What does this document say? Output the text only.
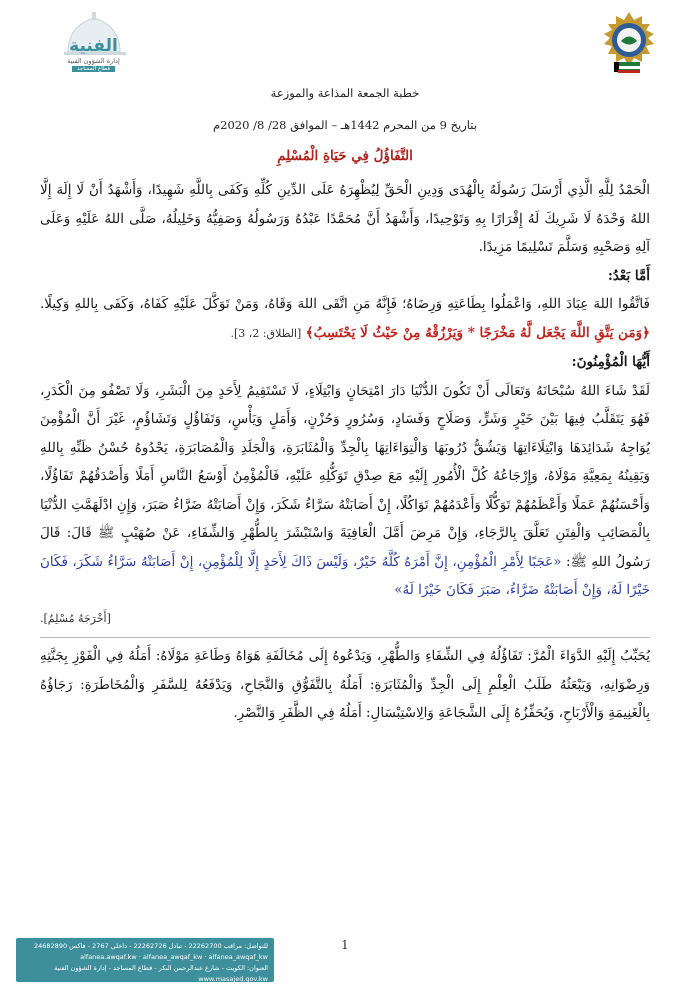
الفنية
إدارة الشؤون الفنية
قطاع المساجد
خطبة الجمعة المذاعة والموزعة
بتاريخ 9 من المحرم 1442هـ – الموافق 28/ 8/ 2020م
التَّفَاؤُلُ فِي حَيَاةِ الْمُسْلِمِ

الْحَمْدُ لِلَّهِ الَّذِي أَرْسَلَ رَسُولَهُ بِالْهُدَى وَدِينِ الْحَقِّ لِيُظْهِرَهُ عَلَى الدِّينِ كُلِّهِ وَكَفَى بِاللَّهِ شَهِيدًا، وَأَشْهَدُ أَنْ لَا إِلَهَ إِلَّا اللهُ وَحْدَهُ لَا شَرِيكَ لَهُ إِقْرَارًا بِهِ وَتَوْحِيدًا، وَأَشْهَدُ أَنَّ مُحَمَّدًا عَبْدُهُ وَرَسُولُهُ وَصَفِيُّهُ وَخَلِيلُهُ، صَلَّى اللهُ عَلَيْهِ وَعَلَى آلِهِ وَصَحْبِهِ وَسَلَّمَ تَسْلِيمًا مَزِيدًا.

أَمَّا بَعْدُ:

فَاتَّقُوا اللهَ عِبَادَ اللهِ، وَاعْمَلُوا بِطَاعَتِهِ وَرِضَاهُ؛ فَإِنَّهُ مَنِ اتَّقَى اللهَ وَقَاهُ، وَمَنْ تَوَكَّلَ عَلَيْهِ كَفَاهُ، وَكَفَى بِاللهِ وَكِيلًا. ﴿وَمَن يَتَّقِ اللَّهَ يَجْعَل لَّهُ مَخْرَجًا * وَيَرْزُقْهُ مِنْ حَيْثُ لَا يَحْتَسِبُ﴾ [الطلاق: 2، 3].

أَيُّهَا الْمُؤْمِنُونَ:

لَقَدْ شَاءَ اللهُ سُبْحَانَهُ وَتَعَالَى أَنْ تَكُونَ الدُّنْيَا دَارَ امْتِحَانٍ وَابْتِلَاءٍ، لَا تَسْتَقِيمُ لِأَحَدٍ مِنَ الْبَشَرِ، وَلَا تَصْفُو مِنَ الْكَدَرِ، فَهُوَ يَتَقَلَّبُ فِيهَا بَيْنَ خَيْرٍ وَشَرٍّ، وَصَلَاحٍ وَفَسَادٍ، وَسُرُورٍ وَحُزْنٍ، وَأَمَلٍ وَيَأْسٍ، وَتَفَاؤُلٍ وَتَشَاؤُمٍ، غَيْرَ أَنَّ الْمُؤْمِنَ يُوَاجِهُ شَدَائِدَهَا وَابْتِلَاءَاتِهَا وَيَشُقُّ دُرُوبَهَا وَالْتِوَاءَاتِهَا بِالْجِدِّ وَالْمُثَابَرَةِ، وَالْجَلَدِ وَالْمُصَابَرَةِ، يَحْدُوهُ حُسْنُ ظَنِّهِ بِاللهِ وَيَقِينُهُ بِمَعِيَّةِ مَوْلَاهُ، وَإِرْجَاعُهُ كُلَّ الْأُمُورِ إِلَيْهِ مَعَ صِدْقِ تَوَكُّلِهِ عَلَيْهِ، فَالْمُؤْمِنُ أَوْسَعُ النَّاسِ أَمَلًا وَأَصْدَقُهُمْ تَفَاؤُلًا، وَأَحْسَنُهُمْ عَمَلًا وَأَعْظَمُهُمْ تَوَكُّلًا وَأَعْدَمُهُمْ تَوَاكُلًا، إِنْ أَصَابَتْهُ سَرَّاءُ شَكَرَ، وَإِنْ أَصَابَتْهُ ضَرَّاءُ صَبَرَ، وَإِنِ ادْلَهَمَّتِ الدُّنْيَا بِالْمَصَائِبِ وَالْفِتَنِ تَعَلَّقَ بِالرَّجَاءِ، وَإِنْ مَرِضَ أَمَّلَ الْعَافِيَةَ وَاسْتَبْشَرَ بِالطُّهْرِ وَالشِّفَاءِ، عَنْ صُهَيْبٍ ﷺ قَالَ: قَالَ رَسُولُ اللهِ ﷺ: «عَجَبًا لِأَمْرِ الْمُؤْمِنِ، إِنَّ أَمْرَهُ كُلَّهُ خَيْرٌ، وَلَيْسَ ذَاكَ لِأَحَدٍ إِلَّا لِلْمُؤْمِنِ، إِنْ أَصَابَتْهُ سَرَّاءُ شَكَرَ، فَكَانَ خَيْرًا لَهُ، وَإِنْ أَصَابَتْهُ ضَرَّاءُ، صَبَرَ فَكَانَ خَيْرًا لَهُ»

[أَخْرَجَهُ مُسْلِمٌ].

يُحَبِّبُ إِلَيْهِ الدَّوَاءَ الْمُرَّ: تَفَاؤُلُهُ فِي الشِّفَاءِ وَالطُّهْرِ، وَيَدْعُوهُ إِلَى مُخَالَفَةِ هَوَاهُ وَطَاعَةِ مَوْلَاهُ: أَمَلُهُ فِي الْفَوْزِ بِجَنَّتِهِ وَرِضْوَانِهِ، وَيَبْعَثُهُ طَلَبُ الْعِلْمِ إِلَى الْجِدِّ وَالْمُثَابَرَةِ: أَمَلُهُ بِالتَّفَوُّقِ وَالنَّجَاحِ، وَيَدْفَعُهُ لِلسَّفَرِ وَالْمُخَاطَرَةِ: رَجَاؤُهُ بِالْغَنِيمَةِ وَالْأَرْبَاحِ، وَيُحَفِّزُهُ إِلَى الشَّجَاعَةِ وَالِاسْتِبْسَالِ: أَمَلُهُ فِي الظَّفَرِ وَالنَّصْرِ.

1
للتواصل: مراقب 22262700 - تبادل 22262726 - داخلي 2767 - فاكس 24682890
alfanea.awqaf.kw · alfanea_awqaf_kw · alfanea_awqaf_kw
العنوان: الكويت - شارع عبدالرحمن البكر - قطاع المساجد - إدارة الشؤون الفنية
www.masajed.gov.kw
